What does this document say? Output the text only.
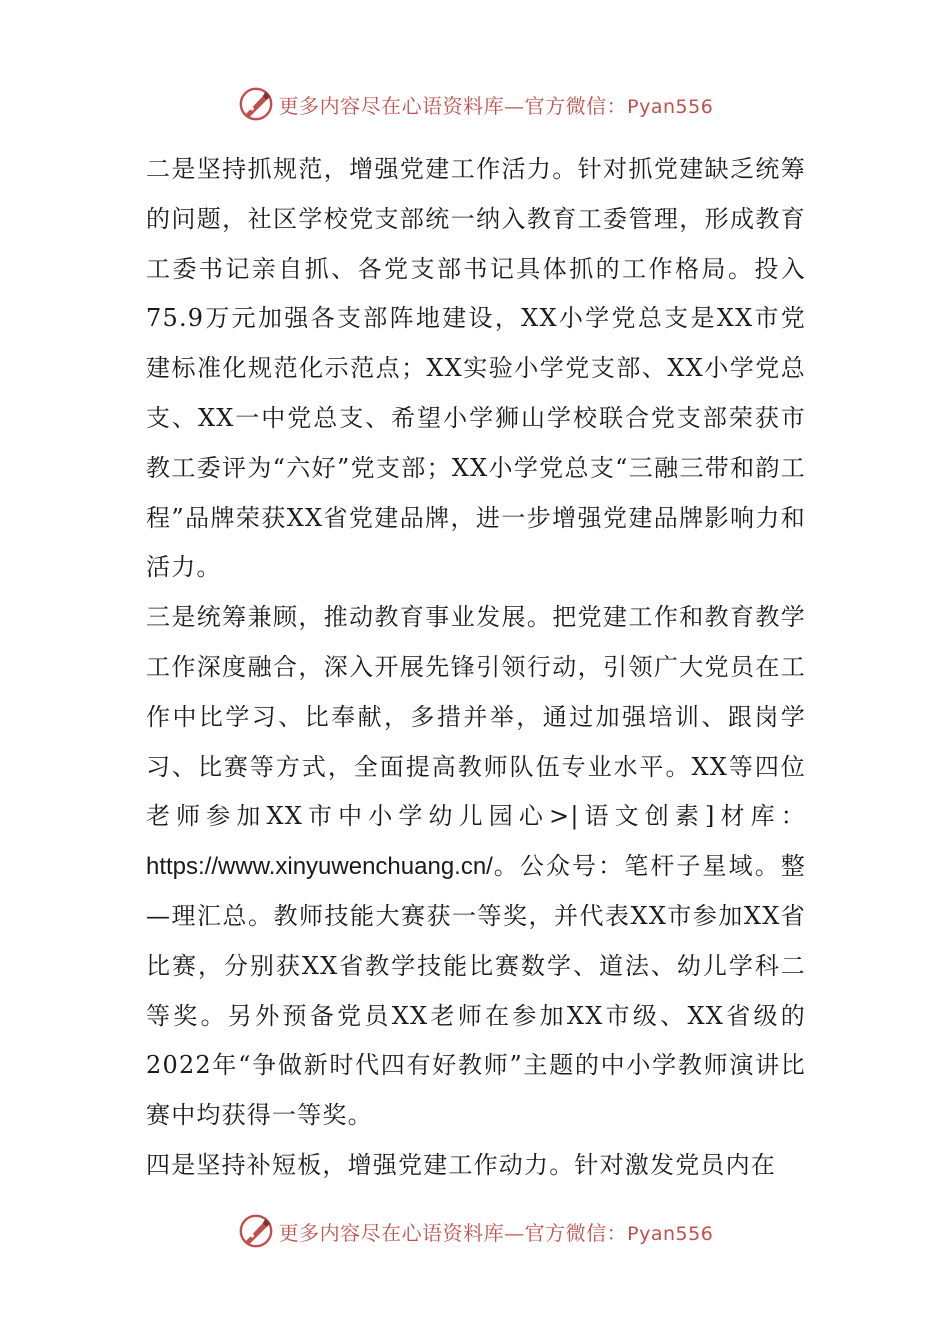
更多内容尽在心语资料库—官方微信：Pyan556

二是坚持抓规范，增强党建工作活力。针对抓党建缺乏统筹的问题，社区学校党支部统一纳入教育工委管理，形成教育工委书记亲自抓、各党支部书记具体抓的工作格局。投入75.9万元加强各支部阵地建设，XX小学党总支是XX市党建标准化规范化示范点；XX实验小学党支部、XX小学党总支、XX一中党总支、希望小学狮山学校联合党支部荣获市教工委评为“六好”党支部；XX小学党总支“三融三带和韵工程”品牌荣获XX省党建品牌，进一步增强党建品牌影响力和活力。

三是统筹兼顾，推动教育事业发展。把党建工作和教育教学工作深度融合，深入开展先锋引领行动，引领广大党员在工作中比学习、比奉献，多措并举，通过加强培训、跟岗学习、比赛等方式，全面提高教师队伍专业水平。XX等四位老师参加XX市中小学幼儿园心>|语文创素]材库：https://www.xinyuwenchuang.cn/。公众号：笔杆子星域。整—理汇总。教师技能大赛获一等奖，并代表XX市参加XX省比赛，分别获XX省教学技能比赛数学、道法、幼儿学科二等奖。另外预备党员XX老师在参加XX市级、XX省级的2022年“争做新时代四有好教师”主题的中小学教师演讲比赛中均获得一等奖。

四是坚持补短板，增强党建工作动力。针对激发党员内在

更多内容尽在心语资料库—官方微信：Pyan556
